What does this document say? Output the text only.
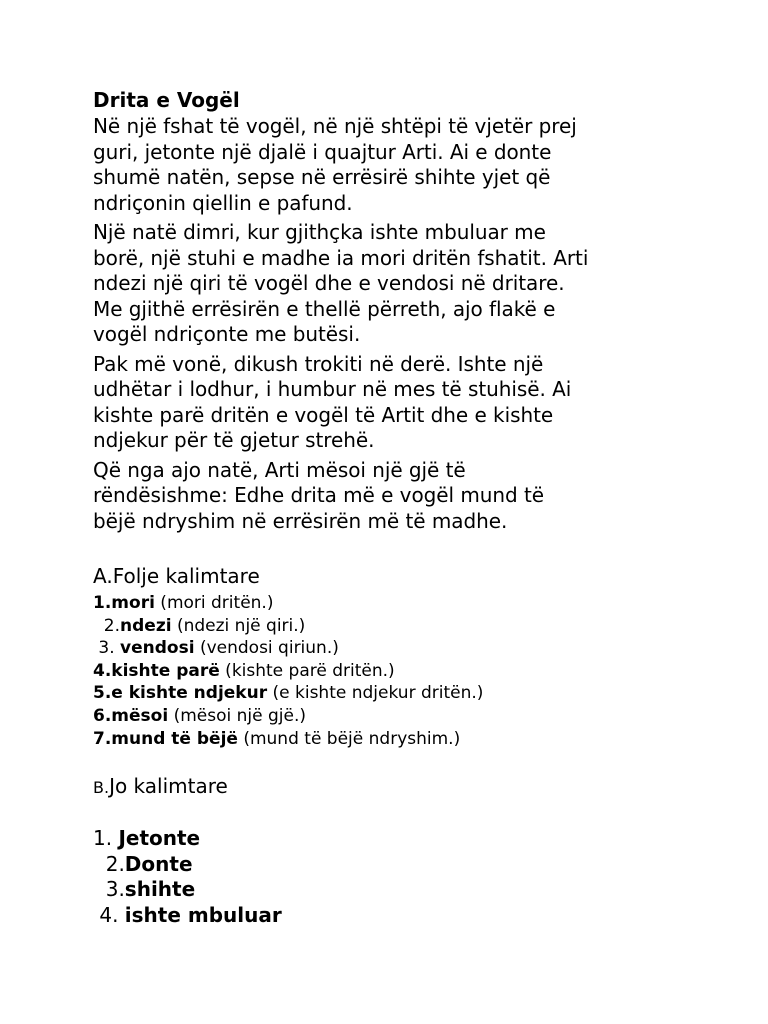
Drita e Vogël

Në një fshat të vogël, në një shtëpi të vjetër prej
guri, jetonte një djalë i quajtur Arti. Ai e donte
shumë natën, sepse në errësirë shihte yjet që
ndriçonin qiellin e pafund.

Një natë dimri, kur gjithçka ishte mbuluar me
borë, një stuhi e madhe ia mori dritën fshatit. Arti
ndezi një qiri të vogël dhe e vendosi në dritare.
Me gjithë errësirën e thellë përreth, ajo flakë e
vogël ndriçonte me butësi.

Pak më vonë, dikush trokiti në derë. Ishte një
udhëtar i lodhur, i humbur në mes të stuhisë. Ai
kishte parë dritën e vogël të Artit dhe e kishte
ndjekur për të gjetur strehë.

Që nga ajo natë, Arti mësoi një gjë të
rëndësishme: Edhe drita më e vogël mund të
bëjë ndryshim në errësirën më të madhe.

A.Folje kalimtare
1.mori (mori dritën.)
2.ndezi (ndezi një qiri.)
3. vendosi (vendosi qiriun.)
4.kishte parë (kishte parë dritën.)
5.e kishte ndjekur (e kishte ndjekur dritën.)
6.mësoi (mësoi një gjë.)
7.mund të bëjë (mund të bëjë ndryshim.)
B.Jo kalimtare
1. Jetonte
2.Donte
3.shihte
4. ishte mbuluar
